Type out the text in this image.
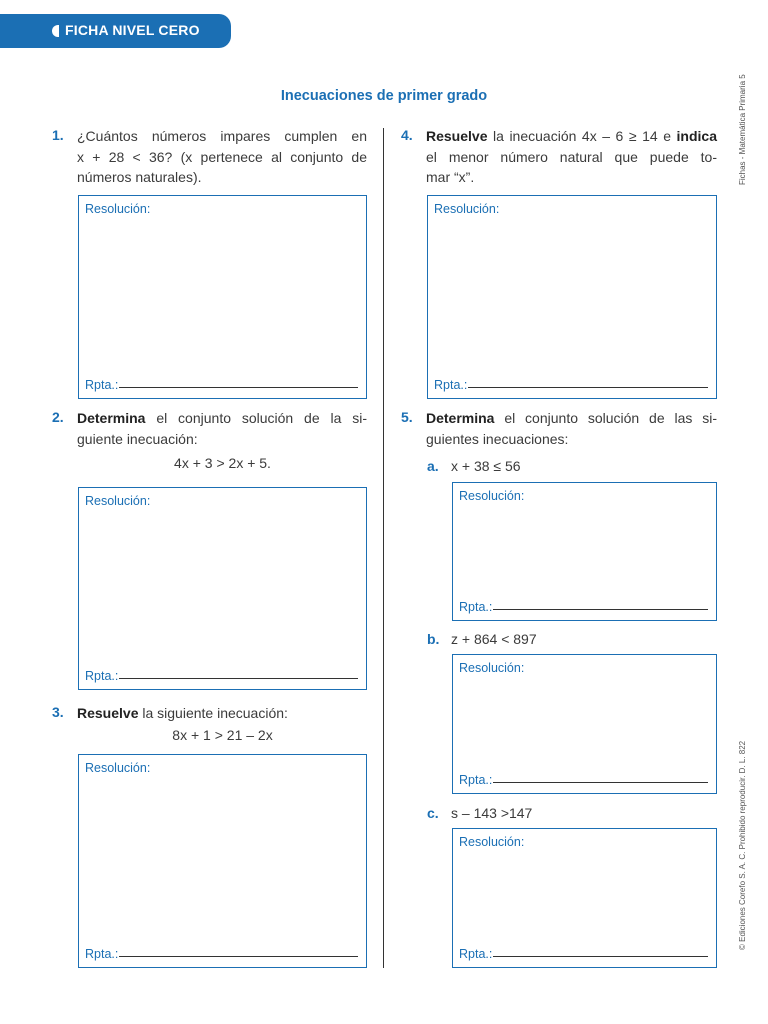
FICHA NIVEL CERO
Fichas - Matemática Primaria 5
© Ediciones Corefo S. A. C. Prohibido reproducir. D. L. 822
Inecuaciones de primer grado
1. ¿Cuántos números impares cumplen en
x + 28 < 36? (x pertenece al conjunto de
números naturales).
Resolución:
Rpta.:
2. Determina el conjunto solución de la si-
guiente inecuación:
4x + 3 > 2x + 5.
Resolución:
Rpta.:
3. Resuelve la siguiente inecuación:
8x + 1 > 21 – 2x
Resolución:
Rpta.:
4. Resuelve la inecuación 4x – 6 ≥ 14 e indica
el menor número natural que puede to-
mar “x”.
Resolución:
Rpta.:
5. Determina el conjunto solución de las si-
guientes inecuaciones:
a. x + 38 ≤ 56
Resolución:
Rpta.:
b. z + 864 < 897
Resolución:
Rpta.:
c. s – 143 >147
Resolución:
Rpta.:
